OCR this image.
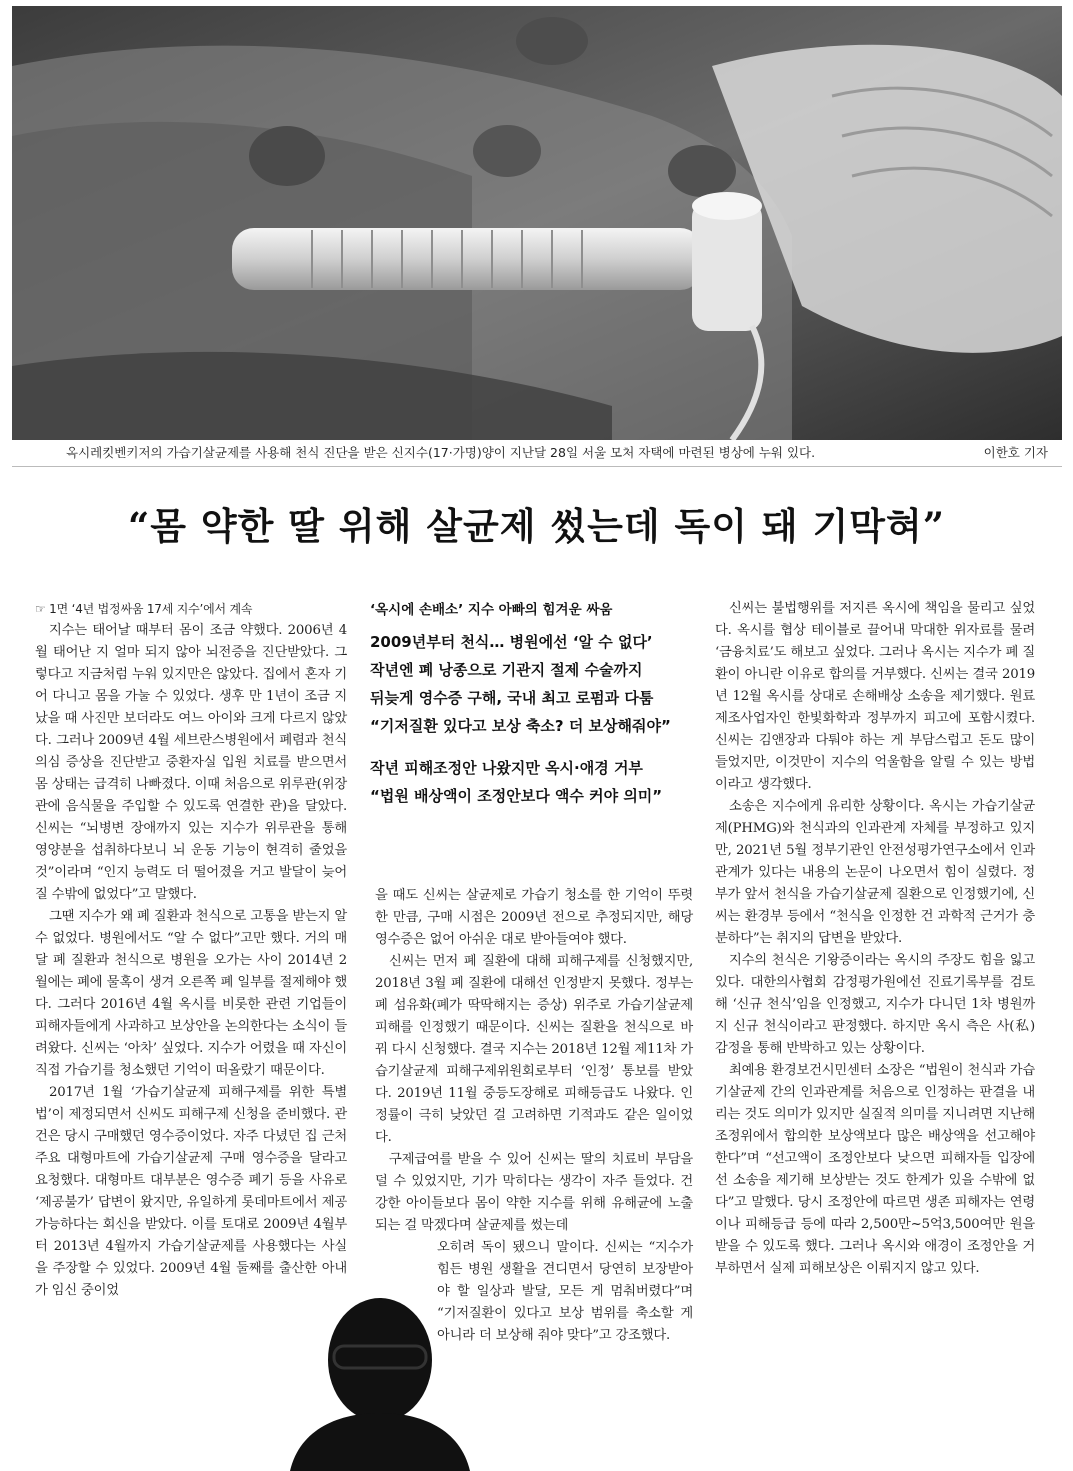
옥시레킷벤키저의 가습기살균제를 사용해 천식 진단을 받은 신지수(17·가명)양이 지난달 28일 서울 모처 자택에 마련된 병상에 누워 있다.	이한호 기자
“몸 약한 딸 위해 살균제 썼는데 독이 돼 기막혀”

☞ 1면 ‘4년 법정싸움 17세 지수’에서 계속

지수는 태어날 때부터 몸이 조금 약했다. 2006년 4월 태어난 지 얼마 되지 않아 뇌전증을 진단받았다. 그렇다고 지금처럼 누워 있지만은 않았다. 집에서 혼자 기어 다니고 몸을 가눌 수 있었다. 생후 만 1년이 조금 지났을 때 사진만 보더라도 여느 아이와 크게 다르지 않았다. 그러나 2009년 4월 세브란스병원에서 폐렴과 천식 의심 증상을 진단받고 중환자실 입원 치료를 받으면서 몸 상태는 급격히 나빠졌다. 이때 처음으로 위루관(위장관에 음식물을 주입할 수 있도록 연결한 관)을 달았다. 신씨는 “뇌병변 장애까지 있는 지수가 위루관을 통해 영양분을 섭취하다보니 뇌 운동 기능이 현격히 줄었을 것”이라며 “인지 능력도 더 떨어졌을 거고 발달이 늦어질 수밖에 없었다”고 말했다.

그땐 지수가 왜 폐 질환과 천식으로 고통을 받는지 알 수 없었다. 병원에서도 “알 수 없다”고만 했다. 거의 매달 폐 질환과 천식으로 병원을 오가는 사이 2014년 2월에는 폐에 물혹이 생겨 오른쪽 폐 일부를 절제해야 했다. 그러다 2016년 4월 옥시를 비롯한 관련 기업들이 피해자들에게 사과하고 보상안을 논의한다는 소식이 들려왔다. 신씨는 ‘아차’ 싶었다. 지수가 어렸을 때 자신이 직접 가습기를 청소했던 기억이 떠올랐기 때문이다.

2017년 1월 ‘가습기살균제 피해구제를 위한 특별법’이 제정되면서 신씨도 피해구제 신청을 준비했다. 관건은 당시 구매했던 영수증이었다. 자주 다녔던 집 근처 주요 대형마트에 가습기살균제 구매 영수증을 달라고 요청했다. 대형마트 대부분은 영수증 폐기 등을 사유로 ‘제공불가’ 답변이 왔지만, 유일하게 롯데마트에서 제공 가능하다는 회신을 받았다. 이를 토대로 2009년 4월부터 2013년 4월까지 가습기살균제를 사용했다는 사실을 주장할 수 있었다. 2009년 4월 둘째를 출산한 아내가 임신 중이었

‘옥시에 손배소’ 지수 아빠의 힘겨운 싸움

2009년부터 천식… 병원에선 ‘알 수 없다’

작년엔 폐 낭종으로 기관지 절제 수술까지

뒤늦게 영수증 구해, 국내 최고 로펌과 다툼

“기저질환 있다고 보상 축소? 더 보상해줘야”

작년 피해조정안 나왔지만 옥시·애경 거부

“법원 배상액이 조정안보다 액수 커야 의미”

을 때도 신씨는 살균제로 가습기 청소를 한 기억이 뚜렷한 만큼, 구매 시점은 2009년 전으로 추정되지만, 해당 영수증은 없어 아쉬운 대로 받아들여야 했다.

신씨는 먼저 폐 질환에 대해 피해구제를 신청했지만, 2018년 3월 폐 질환에 대해선 인정받지 못했다. 정부는 폐 섬유화(폐가 딱딱해지는 증상) 위주로 가습기살균제 피해를 인정했기 때문이다. 신씨는 질환을 천식으로 바꿔 다시 신청했다. 결국 지수는 2018년 12월 제11차 가습기살균제 피해구제위원회로부터 ‘인정’ 통보를 받았다. 2019년 11월 중등도장해로 피해등급도 나왔다. 인정률이 극히 낮았던 걸 고려하면 기적과도 같은 일이었다.

구제급여를 받을 수 있어 신씨는 딸의 치료비 부담을 덜 수 있었지만, 기가 막히다는 생각이 자주 들었다. 건강한 아이들보다 몸이 약한 지수를 위해 유해균에 노출되는 걸 막겠다며 살균제를 썼는데

오히려 독이 됐으니 말이다. 신씨는 “지수가 힘든 병원 생활을 견디면서 당연히 보장받아야 할 일상과 발달, 모든 게 멈춰버렸다”며 “기저질환이 있다고 보상 범위를 축소할 게 아니라 더 보상해 줘야 맞다”고 강조했다.

신씨는 불법행위를 저지른 옥시에 책임을 물리고 싶었다. 옥시를 협상 테이블로 끌어내 막대한 위자료를 물려 ‘금융치료’도 해보고 싶었다. 그러나 옥시는 지수가 폐 질환이 아니란 이유로 합의를 거부했다. 신씨는 결국 2019년 12월 옥시를 상대로 손해배상 소송을 제기했다. 원료 제조사업자인 한빛화학과 정부까지 피고에 포함시켰다. 신씨는 김앤장과 다퉈야 하는 게 부담스럽고 돈도 많이 들었지만, 이것만이 지수의 억울함을 알릴 수 있는 방법이라고 생각했다.

소송은 지수에게 유리한 상황이다. 옥시는 가습기살균제(PHMG)와 천식과의 인과관계 자체를 부정하고 있지만, 2021년 5월 정부기관인 안전성평가연구소에서 인과관계가 있다는 내용의 논문이 나오면서 힘이 실렸다. 정부가 앞서 천식을 가습기살균제 질환으로 인정했기에, 신씨는 환경부 등에서 “천식을 인정한 건 과학적 근거가 충분하다”는 취지의 답변을 받았다.

지수의 천식은 기왕증이라는 옥시의 주장도 힘을 잃고 있다. 대한의사협회 감정평가원에선 진료기록부를 검토해 ‘신규 천식’임을 인정했고, 지수가 다니던 1차 병원까지 신규 천식이라고 판정했다. 하지만 옥시 측은 사(私)감정을 통해 반박하고 있는 상황이다.

최예용 환경보건시민센터 소장은 “법원이 천식과 가습기살균제 간의 인과관계를 처음으로 인정하는 판결을 내리는 것도 의미가 있지만 실질적 의미를 지니려면 지난해 조정위에서 합의한 보상액보다 많은 배상액을 선고해야 한다”며 “선고액이 조정안보다 낮으면 피해자들 입장에선 소송을 제기해 보상받는 것도 한계가 있을 수밖에 없다”고 말했다. 당시 조정안에 따르면 생존 피해자는 연령이나 피해등급 등에 따라 2,500만~5억3,500여만 원을 받을 수 있도록 했다. 그러나 옥시와 애경이 조정안을 거부하면서 실제 피해보상은 이뤄지지 않고 있다.
